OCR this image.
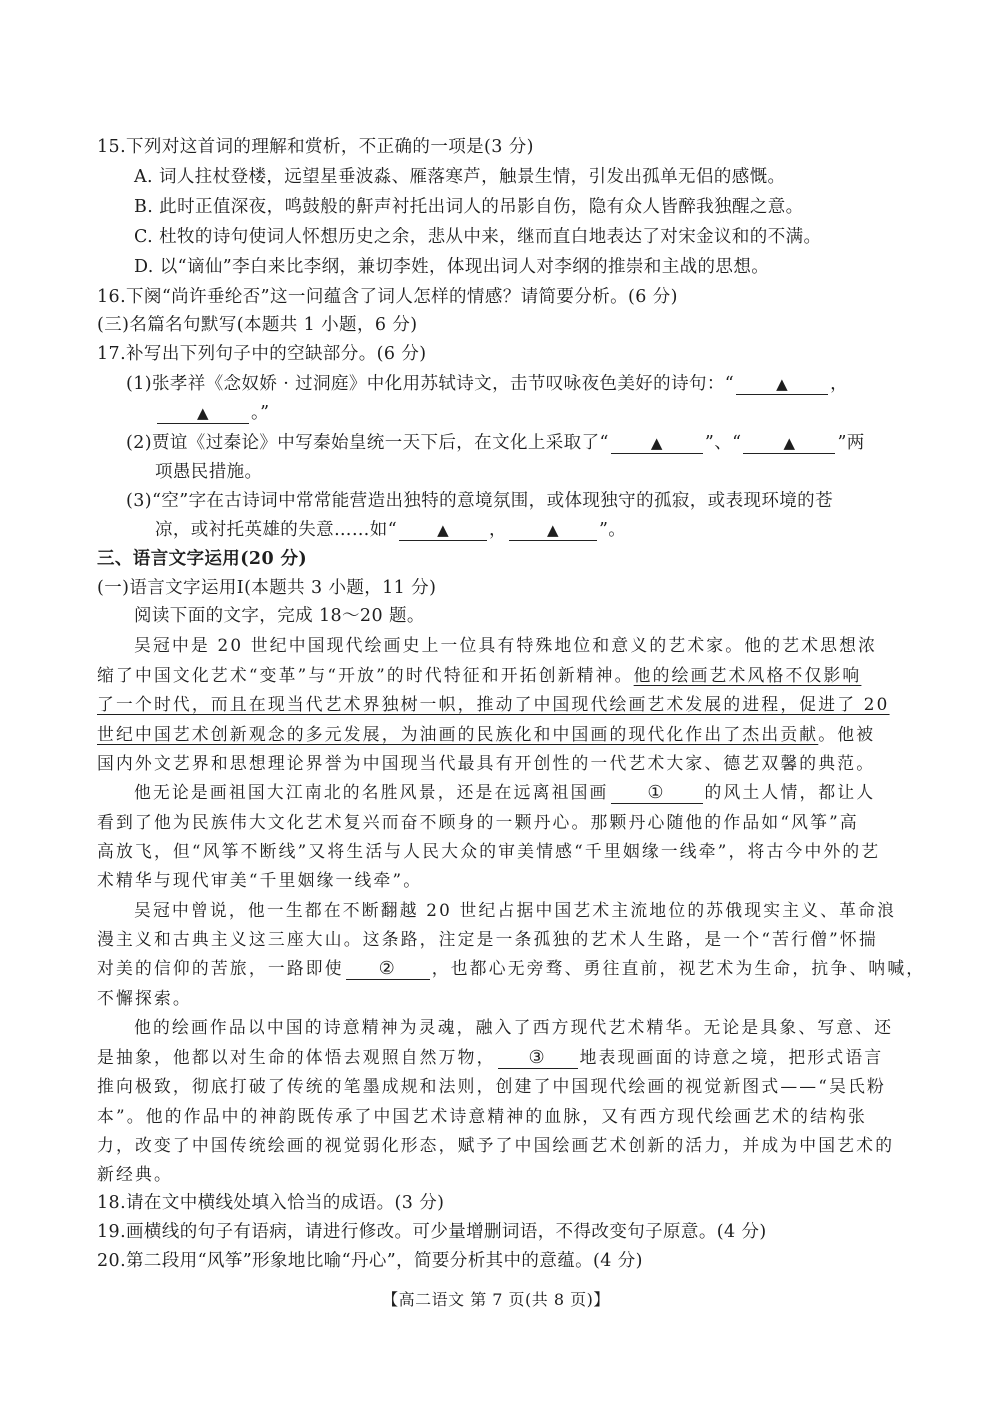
15.下列对这首词的理解和赏析，不正确的一项是(3 分)
A. 词人拄杖登楼，远望星垂波淼、雁落寒芦，触景生情，引发出孤单无侣的感慨。
B. 此时正值深夜，鸣鼓般的鼾声衬托出词人的吊影自伤，隐有众人皆醉我独醒之意。
C. 杜牧的诗句使词人怀想历史之余，悲从中来，继而直白地表达了对宋金议和的不满。
D. 以“谪仙”李白来比李纲，兼切李姓，体现出词人对李纲的推崇和主战的思想。
16.下阕“尚许垂纶否”这一问蕴含了词人怎样的情感？请简要分析。(6 分)
(三)名篇名句默写(本题共 1 小题，6 分)
17.补写出下列句子中的空缺部分。(6 分)
(1)张孝祥《念奴娇 · 过洞庭》中化用苏轼诗文，击节叹咏夜色美好的诗句：“	▲ ，
▲ 。”
(2)贾谊《过秦论》中写秦始皇统一天下后，在文化上采取了“	▲ ”、“	▲ ”两
项愚民措施。
(3)“空”字在古诗词中常常能营造出独特的意境氛围，或体现独守的孤寂，或表现环境的苍
凉，或衬托英雄的失意……如“	▲ ，	▲ ”。
三、语言文字运用(20 分)
(一)语言文字运用Ⅰ(本题共 3 小题，11 分)
阅读下面的文字，完成 18～20 题。
吴冠中是 20 世纪中国现代绘画史上一位具有特殊地位和意义的艺术家。他的艺术思想浓
缩了中国文化艺术“变革”与“开放”的时代特征和开拓创新精神。他的绘画艺术风格不仅影响
了一个时代，而且在现当代艺术界独树一帜，推动了中国现代绘画艺术发展的进程，促进了 20
世纪中国艺术创新观念的多元发展，为油画的民族化和中国画的现代化作出了杰出贡献。他被
国内外文艺界和思想理论界誉为中国现当代最具有开创性的一代艺术大家、德艺双馨的典范。
他无论是画祖国大江南北的名胜风景，还是在远离祖国画 ① 的风土人情，都让人
看到了他为民族伟大文化艺术复兴而奋不顾身的一颗丹心。那颗丹心随他的作品如“风筝”高
高放飞，但“风筝不断线”又将生活与人民大众的审美情感“千里姻缘一线牵”，将古今中外的艺
术精华与现代审美“千里姻缘一线牵”。
吴冠中曾说，他一生都在不断翻越 20 世纪占据中国艺术主流地位的苏俄现实主义、革命浪
漫主义和古典主义这三座大山。这条路，注定是一条孤独的艺术人生路，是一个“苦行僧”怀揣
对美的信仰的苦旅，一路即使 ② ，也都心无旁骛、勇往直前，视艺术为生命，抗争、呐喊，
不懈探索。
他的绘画作品以中国的诗意精神为灵魂，融入了西方现代艺术精华。无论是具象、写意、还
是抽象，他都以对生命的体悟去观照自然万物， ③ 地表现画面的诗意之境，把形式语言
推向极致，彻底打破了传统的笔墨成规和法则，创建了中国现代绘画的视觉新图式——“吴氏粉
本”。他的作品中的神韵既传承了中国艺术诗意精神的血脉，又有西方现代绘画艺术的结构张
力，改变了中国传统绘画的视觉弱化形态，赋予了中国绘画艺术创新的活力，并成为中国艺术的
新经典。
18.请在文中横线处填入恰当的成语。(3 分)
19.画横线的句子有语病，请进行修改。可少量增删词语，不得改变句子原意。(4 分)
20.第二段用“风筝”形象地比喻“丹心”，简要分析其中的意蕴。(4 分)
【高二语文 第 7 页(共 8 页)】
